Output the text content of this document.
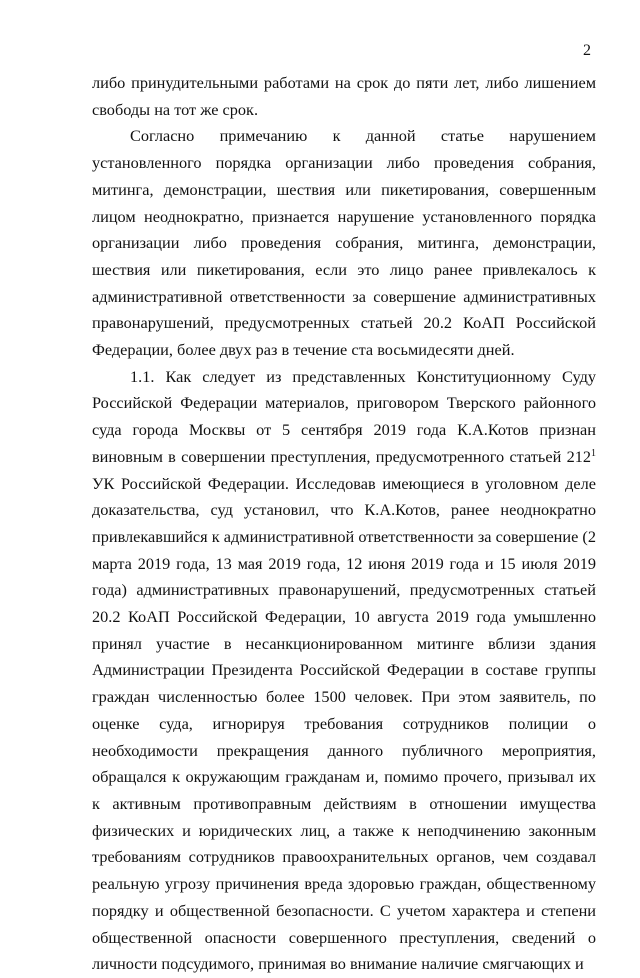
2

либо принудительными работами на срок до пяти лет, либо лишением свободы на тот же срок.

Согласно примечанию к данной статье нарушением установленного порядка организации либо проведения собрания, митинга, демонстрации, шествия или пикетирования, совершенным лицом неоднократно, признается нарушение установленного порядка организации либо проведения собрания, митинга, демонстрации, шествия или пикетирования, если это лицо ранее привлекалось к административной ответственности за совершение административных правонарушений, предусмотренных статьей 20.2 КоАП Российской Федерации, более двух раз в течение ста восьмидесяти дней.

1.1. Как следует из представленных Конституционному Суду Российской Федерации материалов, приговором Тверского районного суда города Москвы от 5 сентября 2019 года К.А.Котов признан виновным в совершении преступления, предусмотренного статьей $212^1$ УК Российской Федерации. Исследовав имеющиеся в уголовном деле доказательства, суд установил, что К.А.Котов, ранее неоднократно привлекавшийся к административной ответственности за совершение (2 марта 2019 года, 13 мая 2019 года, 12 июня 2019 года и 15 июля 2019 года) административных правонарушений, предусмотренных статьей 20.2 КоАП Российской Федерации, 10 августа 2019 года умышленно принял участие в несанкционированном митинге вблизи здания Администрации Президента Российской Федерации в составе группы граждан численностью более 1500 человек. При этом заявитель, по оценке суда, игнорируя требования сотрудников полиции о необходимости прекращения данного публичного мероприятия, обращался к окружающим гражданам и, помимо прочего, призывал их к активным противоправным действиям в отношении имущества физических и юридических лиц, а также к неподчинению законным требованиям сотрудников правоохранительных органов, чем создавал реальную угрозу причинения вреда здоровью граждан, общественному порядку и общественной безопасности. С учетом характера и степени общественной опасности совершенного преступления, сведений о личности подсудимого, принимая во внимание наличие смягчающих и
